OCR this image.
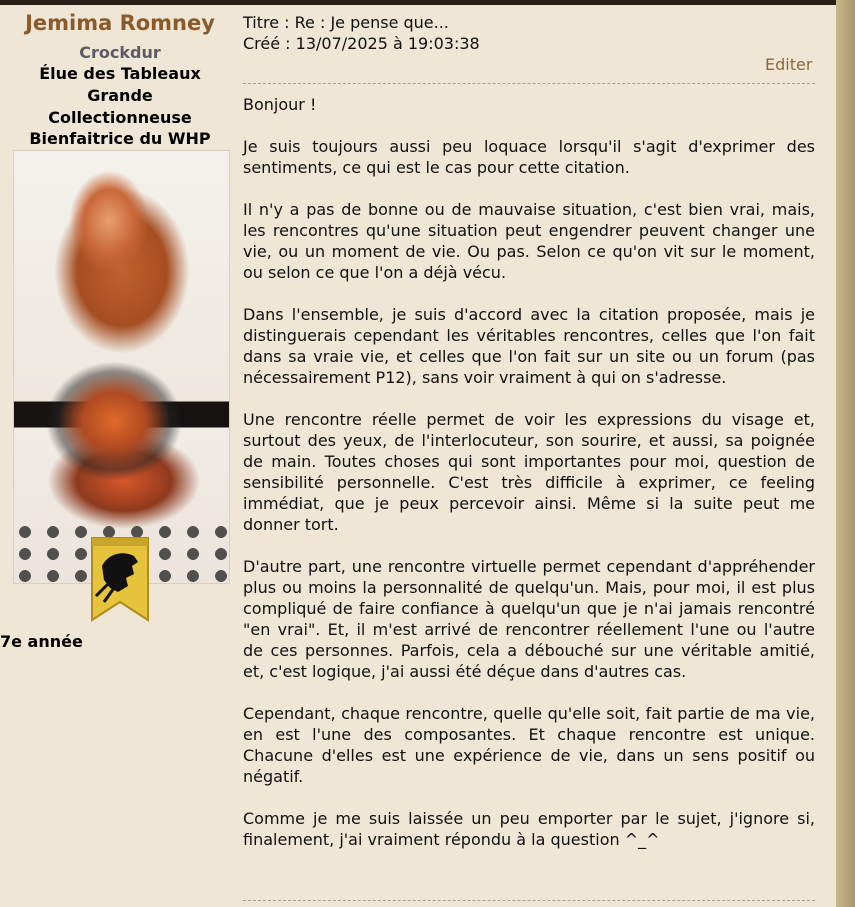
Jemima Romney
Crockdur
Élue des Tableaux
Grande
Collectionneuse
Bienfaitrice du WHP
7e année
Titre : Re : Je pense que...
Créé : 13/07/2025 à 19:03:38
Editer

Bonjour !

Je suis toujours aussi peu loquace lorsqu'il s'agit d'exprimer des sentiments, ce qui est le cas pour cette citation.

Il n'y a pas de bonne ou de mauvaise situation, c'est bien vrai, mais, les rencontres qu'une situation peut engendrer peuvent changer une vie, ou un moment de vie. Ou pas. Selon ce qu'on vit sur le moment, ou selon ce que l'on a déjà vécu.

Dans l'ensemble, je suis d'accord avec la citation proposée, mais je distinguerais cependant les véritables rencontres, celles que l'on fait dans sa vraie vie, et celles que l'on fait sur un site ou un forum (pas nécessairement P12), sans voir vraiment à qui on s'adresse.

Une rencontre réelle permet de voir les expressions du visage et, surtout des yeux, de l'interlocuteur, son sourire, et aussi, sa poignée de main. Toutes choses qui sont importantes pour moi, question de sensibilité personnelle. C'est très difficile à exprimer, ce feeling immédiat, que je peux percevoir ainsi. Même si la suite peut me donner tort.

D'autre part, une rencontre virtuelle permet cependant d'appréhender plus ou moins la personnalité de quelqu'un. Mais, pour moi, il est plus compliqué de faire confiance à quelqu'un que je n'ai jamais rencontré "en vrai". Et, il m'est arrivé de rencontrer réellement l'une ou l'autre de ces personnes. Parfois, cela a débouché sur une véritable amitié, et, c'est logique, j'ai aussi été déçue dans d'autres cas.

Cependant, chaque rencontre, quelle qu'elle soit, fait partie de ma vie, en est l'une des composantes. Et chaque rencontre est unique. Chacune d'elles est une expérience de vie, dans un sens positif ou négatif.

Comme je me suis laissée un peu emporter par le sujet, j'ignore si, finalement, j'ai vraiment répondu à la question ^_^
